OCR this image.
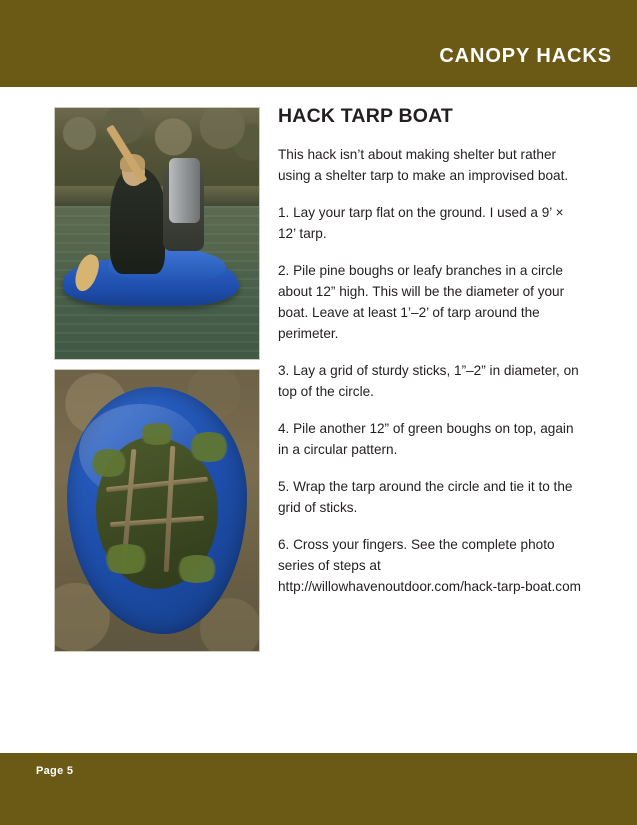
CANOPY HACKS
HACK TARP BOAT

This hack isn’t about making shelter but rather using a shelter tarp to make an improvised boat.

1. Lay your tarp flat on the ground. I used a 9’ × 12’ tarp.

2. Pile pine boughs or leafy branches in a circle about 12” high. This will be the diameter of your boat. Leave at least 1’–2’ of tarp around the perimeter.

3. Lay a grid of sturdy sticks, 1”–2” in diameter, on top of the circle.

4. Pile another 12” of green boughs on top, again in a circular pattern.

5. Wrap the tarp around the circle and tie it to the grid of sticks.

6. Cross your fingers. See the complete photo series of steps at http://willowhavenoutdoor.com/hack-tarp-boat.com

Page 5
